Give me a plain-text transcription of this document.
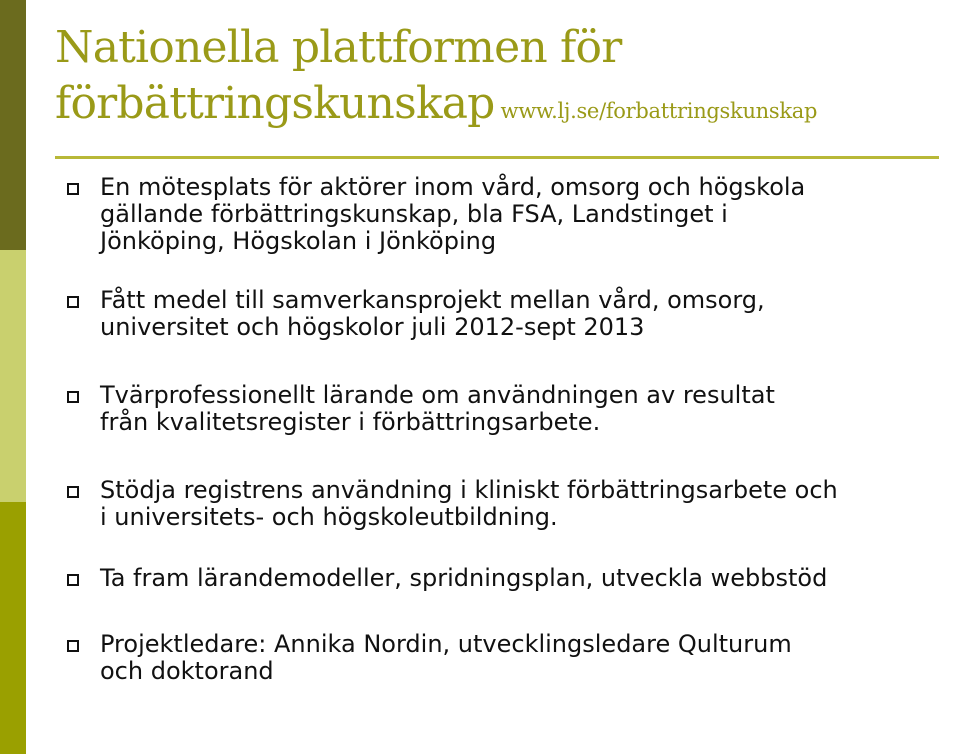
Nationella plattformen för
förbättringskunskap www.lj.se/forbattringskunskap
En mötesplats för aktörer inom vård, omsorg och högskola
gällande förbättringskunskap, bla FSA, Landstinget i
Jönköping, Högskolan i Jönköping
Fått medel till samverkansprojekt mellan vård, omsorg,
universitet och högskolor juli 2012-sept 2013
Tvärprofessionellt lärande om användningen av resultat
från kvalitetsregister i förbättringsarbete.
Stödja registrens användning i kliniskt förbättringsarbete och
i universitets- och högskoleutbildning.
Ta fram lärandemodeller, spridningsplan, utveckla webbstöd
Projektledare: Annika Nordin, utvecklingsledare Qulturum
och doktorand
